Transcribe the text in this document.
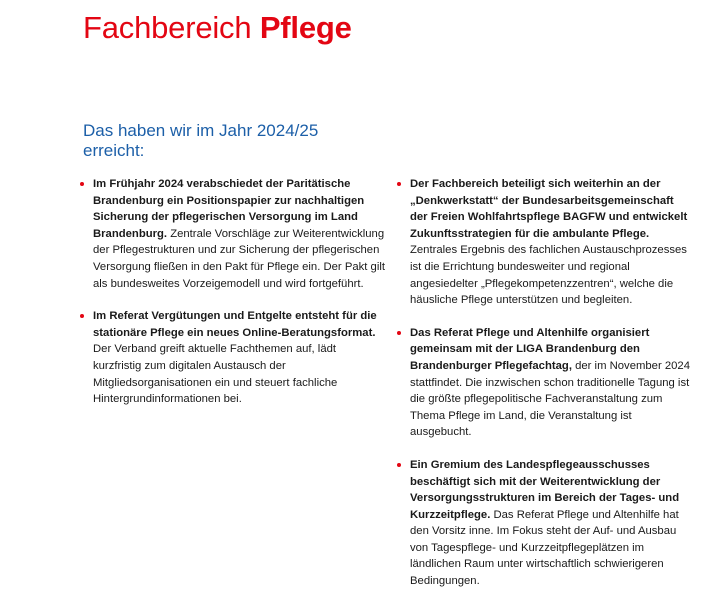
Fachbereich Pflege
Das haben wir im Jahr 2024/25 erreicht:
Im Frühjahr 2024 verabschiedet der Paritätische Brandenburg ein Positionspapier zur nachhaltigen Sicherung der pflegerischen Versorgung im Land Brandenburg. Zentrale Vorschläge zur Weiterentwicklung der Pflegestrukturen und zur Sicherung der pflegerischen Versorgung fließen in den Pakt für Pflege ein. Der Pakt gilt als bundesweites Vorzeigemodell und wird fortgeführt.
Im Referat Vergütungen und Entgelte entsteht für die stationäre Pflege ein neues Online-Beratungsformat. Der Verband greift aktuelle Fachthemen auf, lädt kurzfristig zum digitalen Austausch der Mitgliedsorganisationen ein und steuert fachliche Hintergrundinformationen bei.
Der Fachbereich beteiligt sich weiterhin an der „Denkwerkstatt“ der Bundesarbeitsgemeinschaft der Freien Wohlfahrtspflege BAGFW und entwickelt Zukunftsstrategien für die ambulante Pflege. Zentrales Ergebnis des fachlichen Austauschprozesses ist die Errichtung bundesweiter und regional angesiedelter „Pflegekompetenzzentren“, welche die häusliche Pflege unterstützen und begleiten.
Das Referat Pflege und Altenhilfe organisiert gemeinsam mit der LIGA Brandenburg den Brandenburger Pflegefachtag, der im November 2024 stattfindet. Die inzwischen schon traditionelle Tagung ist die größte pflegepolitische Fachveranstaltung zum Thema Pflege im Land, die Veranstaltung ist ausgebucht.
Ein Gremium des Landespflegeausschusses beschäftigt sich mit der Weiterentwicklung der Versorgungsstrukturen im Bereich der Tages- und Kurzzeitpflege. Das Referat Pflege und Altenhilfe hat den Vorsitz inne. Im Fokus steht der Auf- und Ausbau von Tagespflege- und Kurzzeitpflegeplätzen im ländlichen Raum unter wirtschaftlich schwierigeren Bedingungen.
